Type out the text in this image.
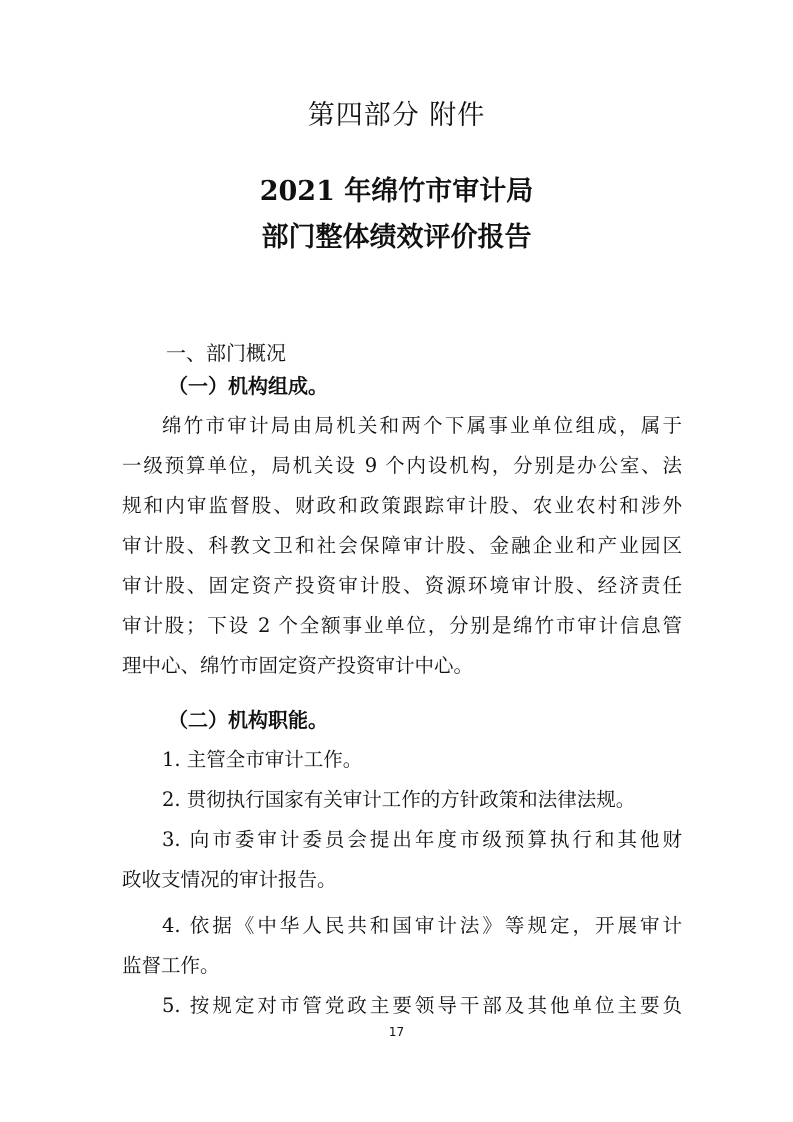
第四部分 附件
2021 年绵竹市审计局
部门整体绩效评价报告
一、部门概况
（一）机构组成。
绵竹市审计局由局机关和两个下属事业单位组成，属于
一级预算单位，局机关设 9 个内设机构，分别是办公室、法
规和内审监督股、财政和政策跟踪审计股、农业农村和涉外
审计股、科教文卫和社会保障审计股、金融企业和产业园区
审计股、固定资产投资审计股、资源环境审计股、经济责任
审计股；下设 2 个全额事业单位，分别是绵竹市审计信息管
理中心、绵竹市固定资产投资审计中心。
（二）机构职能。
1. 主管全市审计工作。
2. 贯彻执行国家有关审计工作的方针政策和法律法规。
3. 向市委审计委员会提出年度市级预算执行和其他财
政收支情况的审计报告。
4. 依据《中华人民共和国审计法》等规定，开展审计
监督工作。
5. 按规定对市管党政主要领导干部及其他单位主要负
17
